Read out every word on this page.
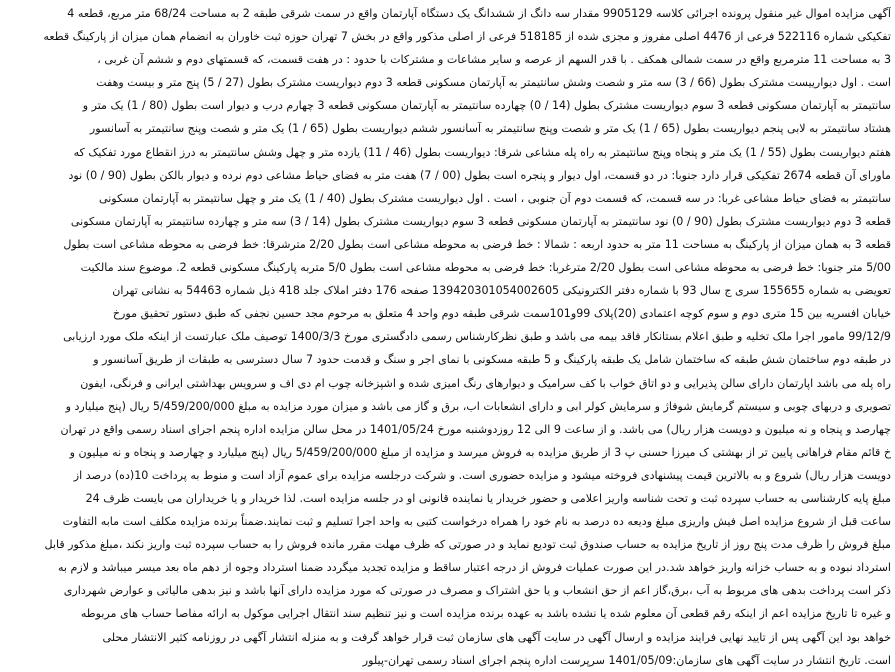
آگهی مزایده اموال غیر منقول پرونده اجرائی کلاسه 9905129 مقدار سه دانگ از ششدانگ یک دستگاه آپارتمان واقع در سمت شرقی طبقه 2 به مساحت 68/24 متر مربع، قطعه 4
تفکیکی شماره 522116 فرعی از 4476 اصلی مفروز و مجزی شده از 518185 فرعی از اصلی مذکور واقع در بخش 7 تهران حوزه ثبت خاوران به انضمام همان میزان از پارکینگ قطعه
3 به مساحت 11 مترمربع واقع در سمت شمالی همکف . با قدر السهم از عرصه و سایر مشاعات و مشترکات با حدود : در هفت قسمت، که قسمتهای دوم و ششم آن غربی ،
است . اول دیوارییست مشترک بطول (66 / 3) سه متر و شصت وشش سانتیمتر به آپارتمان مسکونی قطعه 3 دوم دیواریست مشترک بطول (27 / 5) پنج متر و بیست وهفت
سانتیمتر به آپارتمان مسکونی قطعه 3 سوم دیواریست مشترک بطول (14 / 0) چهارده سانتیمتر به آپارتمان مسکونی قطعه 3 چهارم درب و دیوار است بطول (80 / 1) یک متر و
هشتاد سانتیمتر به لابی پنجم دیواریست بطول (65 / 1) یک متر و شصت وپنج سانتیمتر به آسانسور ششم دیواریست بطول (65 / 1) یک متر و شصت وپنج سانتیمتر به آسانسور
هفتم دیواریست بطول (55 / 1) یک متر و پنجاه وپنج سانتیمتر به راه پله مشاعی شرقا: دیواریست بطول (46 / 11) یازده متر و چهل وشش سانتیمتر به درز انقطاع مورد تفکیک که
ماورای آن قطعه 2674 تفکیکی قرار دارد جنوبا: در دو قسمت، اول دیوار و پنجره است بطول (00 / 7) هفت متر به فضای حیاط مشاعی دوم نرده و دیوار بالکن بطول (90 / 0) نود
سانتیمتر به فضای حیاط مشاعی غربا: در سه قسمت، که قسمت دوم آن جنوبی ، است . اول دیواریست مشترک بطول (40 / 1) یک متر و چهل سانتیمتر به آپارتمان مسکونی
قطعه 3 دوم دیواریست مشترک بطول (90 / 0) نود سانتیمتر به آپارتمان مسکونی قطعه 3 سوم دیواریست مشترک بطول (14 / 3) سه متر و چهارده سانتیمتر به آپارتمان مسکونی
قطعه 3 به همان میزان از پارکینگ به مساحت 11 متر به حدود اربعه : شمالا : خط فرضی به محوطه مشاعی است بطول 2/20 مترشرقا: خط فرضی به محوطه مشاعی است بطول
5/00 متر جنوبا: خط فرضی به محوطه مشاعی است بطول 2/20 مترغربا: خط فرضی به محوطه مشاعی است بطول 5/0 متربه پارکینگ مسکونی قطعه 2. موضوع سند مالکیت
تعویضی به شماره 155655 سری ج سال 93 با شماره دفتر الکترونیکی 139420301054002605 صفحه 176 دفتر املاک جلد 418 ذیل شماره 54463 به نشانی تهران
خیابان افسریه بین 15 متری دوم و سوم کوچه اعتمادی (20)پلاک 99و101سمت شرقی طبقه دوم واحد 4 متعلق به مرحوم مجد حسین نجفی که طبق دستور تحقیق مورخ
99/12/9 مامور اجرا ملک تخلیه و طبق اعلام بستانکار فاقد بیمه می باشد و طبق نظرکارشناس رسمی دادگستری مورخ 1400/3/3 توصیف ملک عبارتست از اینکه ملک مورد ارزیابی
در طبقه دوم ساختمان شش طبقه که ساختمان شامل یک طبقه پارکینگ و 5 طبقه مسکونی با نمای اجر و سنگ و قدمت حدود 7 سال دسترسی به طبقات از طریق آسانسور و
راه پله می باشد اپارتمان دارای سالن پذیرایی و دو اتاق خواب با کف سرامیک و دیوارهای رنگ امیزی شده و اشپزخانه چوب ام دی اف و سرویس بهداشتی ایرانی و فرنگی، ایفون
تصویری و دربهای چوبی و سیستم گرمایش شوفاژ و سرمایش کولر ابی و دارای انشعابات اب، برق و گاز می باشد و میزان مورد مزایده به مبلغ 5/459/200/000 ریال (پنج میلیارد و
چهارصد و پنجاه و نه میلیون و دویست هزار ریال) می باشد. و از ساعت 9 الی 12 روزدوشنبه مورخ 1401/05/24 در محل سالن مزایده اداره پنجم اجرای اسناد رسمی واقع در تهران
خ قائم مقام فراهانی پایین تر از بهشتی ک میرزا حسنی پ 3 از طریق مزایده به فروش میرسد و مزایده از مبلغ 5/459/200/000 ریال (پنج میلیارد و چهارصد و پنجاه و نه میلیون و
دویست هزار ریال) شروع و به بالاترین قیمت پیشنهادی فروخته میشود و مزایده حضوری است. و شرکت درجلسه مزایده برای عموم آزاد است و منوط به پرداخت 10(ده) درصد از
مبلغ پایه کارشناسی به حساب سپرده ثبت و تحت شناسه واریز اعلامی و حضور خریدار یا نماینده قانونی او در جلسه مزایده است. لذا خریدار و یا خریداران می بایست ظرف 24
ساعت قبل از شروع مزایده اصل فیش واریزی مبلغ ودیعه ده درصد به نام خود را همراه درخواست کتبی به واحد اجرا تسلیم و ثبت نمایند.ضمناً برنده مزایده مکلف است مابه التفاوت
مبلغ فروش را ظرف مدت پنج روز از تاریخ مزایده به حساب صندوق ثبت تودیع نماید و در صورتی که ظرف مهلت مقرر مانده فروش را به حساب سپرده ثبت واریز نکند ،مبلغ مذکور قابل
استرداد نبوده و به حساب خزانه واریز خواهد شد.در این صورت عملیات فروش از درجه اعتبار ساقط و مزایده تجدید میگردد ضمنا استرداد وجوه از دهم ماه بعد میسر میباشد و لازم به
ذکر است پرداخت بدهی های مربوط به آب ،برق،گاز اعم از حق انشعاب و یا حق اشتراک و مصرف در صورتی که مورد مزایده دارای آنها باشد و نیز بدهی مالیاتی و عوارض شهرداری
و غیره تا تاریخ مزایده اعم از اینکه رقم قطعی آن معلوم شده یا نشده باشد به عهده برنده مزایده است و نیز تنظیم سند انتقال اجرایی موکول به ارائه مفاصا حساب های مربوطه
خواهد بود این آگهی پس از تایید نهایی فرایند مزایده و ارسال آگهی در سایت آگهی های سازمان ثبت قرار خواهد گرفت و به منزله انتشار آگهی در روزنامه کثیر الانتشار محلی
است. تاریخ انتشار در سایت آگهی های سازمان:1401/05/09 سرپرست اداره پنجم اجرای اسناد رسمی تهران-پیلور
